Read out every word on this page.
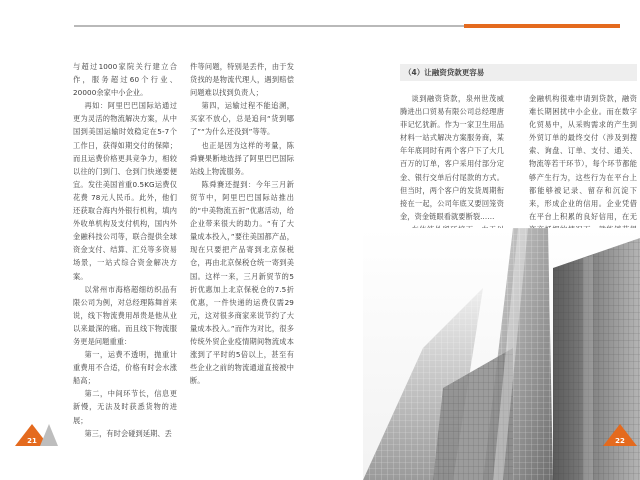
与超过1000家院关行建立合作，服务超过60个行业、20000余家中小企业。

再如：阿里巴巴国际站通过更为灵活的物流解决方案，从中国到美国运输时效稳定在5-7个工作日，获得如期交付的保障；而且运费价格更具竞争力，相较以往的门到门、仓到门快递要便宜。发往美国首重0.5KG运费仅花费 78元人民币。此外，他们还获取合海内外银行机构，填内外收单机构及支付机构，国内外金融科技公司等，联合提供全球资金支付、结算、汇兑等多资易场景，一站式综合资金解决方案。

以常州市海格超细纺织品有限公司为例，对总经理陈舞首来说，线下物流费用昂贵是他从业以来最深的痛。而且线下物流服务更是问题重重：

第一，运费不透明，抛重计重费用不合适，价格有时会水涨船高；

第二，中间环节长，信息更新慢，无法及时获悉货物的进展；

第三，有时会碰到延期、丢

件等问题，特别是丢件，由于发货找的是物流代理人，遇到赔偿问题难以找到负责人；

第四，运输过程不能追溯，买家不放心，总是追问“货到哪了”“为什么还没到”等等。

也正是因为这样的考量，陈舜賽果断地选择了阿里巴巴国际站线上物流服务。

陈舜賽还提到：今年三月新贸节中，阿里巴巴国际站推出的“中美物流五折”优惠活动，给企业带来很大的助力。“有了大量成本投入，”要往美国都产品，现在只要把产品寄到北京保税仓，再由北京保税仓统一寄到美国。这样一来，三月新贸节的5折优惠加上北京保税仓的7.5折优惠，一件快递的运费仅需29元，这对很多商家来说节约了大量成本投入。”而作为对比，很多传统外贸企业疫情期间物流成本涨到了平时的5倍以上，甚至有些企业之前的物流通道直接被中断。

21
（4）让融资贷款更容易

谈到融资贷款，泉州世茂威腾进出口贸易有限公司总经理唐菲记忆犹新。作为一家卫生用品材料一站式解决方案服务商，某年年底同时有两个客户下了大几百万的订单，客户采用付部分定金、银行交单后付尾款的方式。但当时，两个客户的发货周期衔接在一起，公司年底又要回笼资金，资金链眼看就要断裂......

金融机构很难申请到贷款，融资难长期困扰中小企业。而在数字化贸易中，从采购需求的产生到外贸订单的最终交付（涉及到搜索、询盘、订单、支付、通关、物流等若干环节），每个环节都能够产生行为，这些行为在平台上都能够被记录、留存和沉淀下来，形成企业的信用。企业凭借在平台上积累的良好信用，在无

22
